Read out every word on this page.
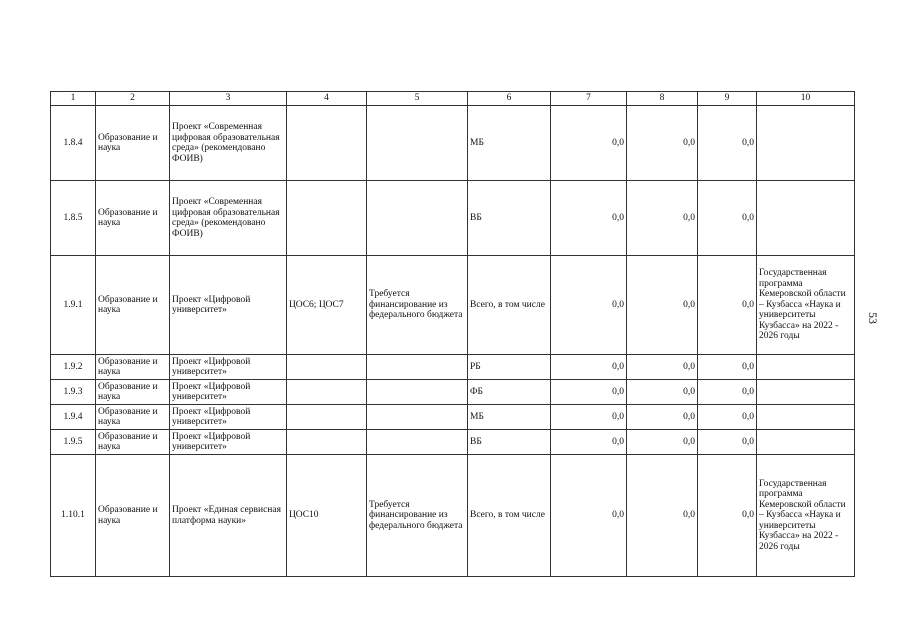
1	2	3	4	5	6	7	8	9	10
1.8.4	Образование и наука	Проект «Современная цифровая образовательная среда» (рекомендовано ФОИВ)			МБ	0,0	0,0	0,0	
1.8.5	Образование и наука	Проект «Современная цифровая образовательная среда» (рекомендовано ФОИВ)			ВБ	0,0	0,0	0,0	
1.9.1	Образование и наука	Проект «Цифровой университет»	ЦОС6; ЦОС7	Требуется финансирование из федерального бюджета	Всего, в том числе	0,0	0,0	0,0	Государственная программа Кемеровской области – Кузбасса «Наука и университеты Кузбасса» на 2022 - 2026 годы
1.9.2	Образование и наука	Проект «Цифровой университет»			РБ	0,0	0,0	0,0	
1.9.3	Образование и наука	Проект «Цифровой университет»			ФБ	0,0	0,0	0,0	
1.9.4	Образование и наука	Проект «Цифровой университет»			МБ	0,0	0,0	0,0	
1.9.5	Образование и наука	Проект «Цифровой университет»			ВБ	0,0	0,0	0,0	
1.10.1	Образование и наука	Проект «Единая сервисная платформа науки»	ЦОС10	Требуется финансирование из федерального бюджета	Всего, в том числе	0,0	0,0	0,0	Государственная программа Кемеровской области – Кузбасса «Наука и университеты Кузбасса» на 2022 - 2026 годы
53
